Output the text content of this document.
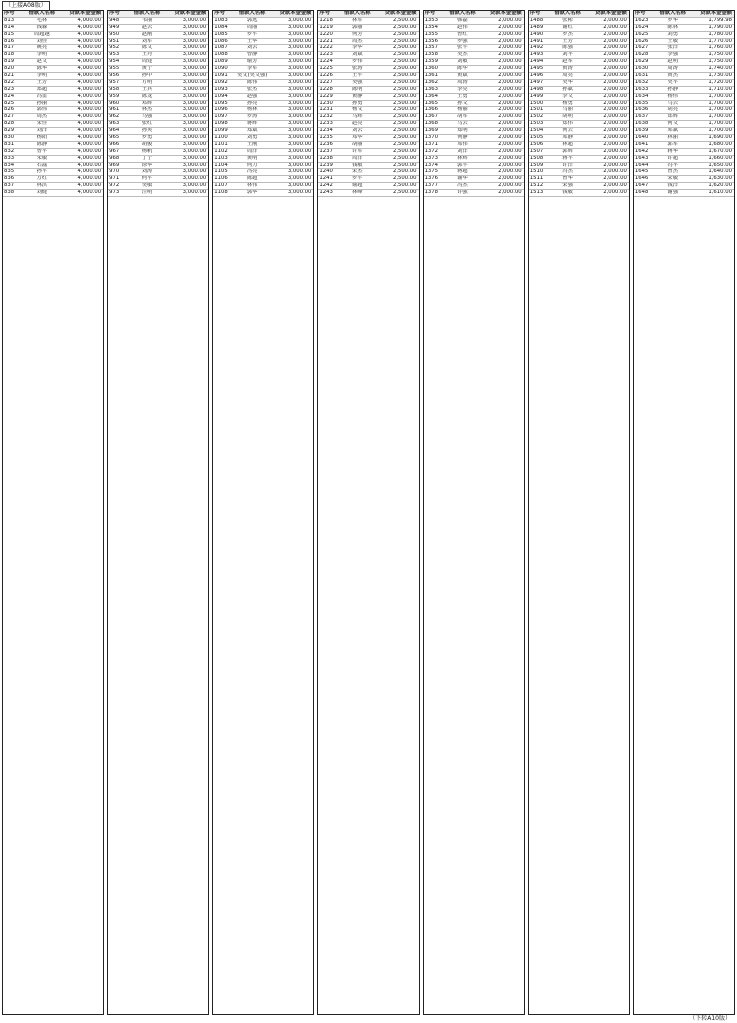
（上接A08版）
序号	借款人名称	贷款本金金额
813	毛林	4,000.00
814	钱森	4,000.00
815	周超越	4,000.00
816	刘佳	4,000.00
817	姚亮	4,000.00
818	李明	4,000.00
819	赵文	4,000.00
820	陈华	4,000.00
821	李明	4,000.00
822	王芳	4,000.00
823	郑超	4,000.00
824	冯雷	4,000.00
825	孙丽	4,000.00
826	郭伟	4,000.00
827	周杰	4,000.00
828	宋佳	4,000.00
829	刘洋	4,000.00
830	杨阳	4,000.00
831	陈静	4,000.00
832	曾平	4,000.00
833	朱敏	4,000.00
834	石磊	4,000.00
835	孙平	4,000.00
836	万红	4,000.00
837	林洪	4,000.00
838	刘健	4,000.00
序号	借款人名称	贷款本金金额
948	韦丽	3,000.00
949	赵云	3,000.00
950	赵刚	3,000.00
951	刘军	3,000.00
952	陈文	3,000.00
953	王丹	3,000.00
954	周建	3,000.00
955	黄宁	3,000.00
956	孙中	3,000.00
957	方明	3,000.00
958	王兵	3,000.00
959	陈龙	3,000.00
960	邓辉	3,000.00
961	林杰	3,000.00
962	马强	3,000.00
963	张红	3,000.00
964	孙英	3,000.00
965	罗勇	3,000.00
966	胡俊	3,000.00
967	杨帆	3,000.00
968	丁宁	3,000.00
969	徐华	3,000.00
970	刘涛	3,000.00
971	何平	3,000.00
972	吴敏	3,000.00
973	汪明	3,000.00
序号	借款人名称	贷款本金金额
1083	郭远	3,000.00
1084	周丽	3,000.00
1085	罗平	3,000.00
1086	王华	3,000.00
1087	刘云	3,000.00
1088	曾静	3,000.00
1089	谢芳	3,000.00
1090	李军	3,000.00
1091	吴文(吴文强)	3,000.00
1092	陈伟	3,000.00
1093	张杰	3,000.00
1094	赵强	3,000.00
1095	孙亮	3,000.00
1096	杨林	3,000.00
1097	罗涛	3,000.00
1098	蒋辉	3,000.00
1099	郑斌	3,000.00
1100	刘勇	3,000.00
1101	王刚	3,000.00
1102	周洋	3,000.00
1103	黄明	3,000.00
1104	何力	3,000.00
1105	冯亮	3,000.00
1106	陈超	3,000.00
1107	林伟	3,000.00
1108	郭华	3,000.00
序号	借款人名称	贷款本金金额
1218	林军	2,500.00
1219	郭丽	2,500.00
1220	何芳	2,500.00
1221	周杰	2,500.00
1222	李华	2,500.00
1223	刘斌	2,500.00
1224	罗伟	2,500.00
1225	张涛	2,500.00
1226	王平	2,500.00
1227	吴强	2,500.00
1228	陈明	2,500.00
1229	黄静	2,500.00
1230	孙勇	2,500.00
1231	杨文	2,500.00
1232	马辉	2,500.00
1233	赵亮	2,500.00
1234	刘云	2,500.00
1235	邓华	2,500.00
1236	胡丽	2,500.00
1237	许军	2,500.00
1238	周洋	2,500.00
1239	钱敏	2,500.00
1240	宋杰	2,500.00
1241	罗平	2,500.00
1242	谢超	2,500.00
1243	林峰	2,500.00
序号	借款人名称	贷款本金金额
1353	韩磊	2,000.00
1354	赵伟	2,000.00
1355	曾红	2,000.00
1356	罗强	2,000.00
1357	张平	2,000.00
1358	吴杰	2,000.00
1359	刘敏	2,000.00
1360	陈华	2,000.00
1361	黄斌	2,000.00
1362	周涛	2,000.00
1363	李亮	2,000.00
1364	王勇	2,000.00
1365	孙文	2,000.00
1366	杨丽	2,000.00
1367	胡军	2,000.00
1368	马云	2,000.00
1369	郑明	2,000.00
1370	何静	2,000.00
1371	邓伟	2,000.00
1372	刘洋	2,000.00
1373	林辉	2,000.00
1374	郭平	2,000.00
1375	蒋超	2,000.00
1376	谢华	2,000.00
1377	冯杰	2,000.00
1378	许强	2,000.00
序号	借款人名称	贷款本金金额
1488	张彬	2,000.00
1489	谢红	2,000.00
1490	罗杰	2,000.00
1491	王芳	2,000.00
1492	陈强	2,000.00
1493	刘平	2,000.00
1494	赵军	2,000.00
1495	黄涛	2,000.00
1496	周亮	2,000.00
1497	吴华	2,000.00
1498	孙斌	2,000.00
1499	李文	2,000.00
1500	杨勇	2,000.00
1501	马丽	2,000.00
1502	胡明	2,000.00
1503	郑伟	2,000.00
1504	何云	2,000.00
1505	邓静	2,000.00
1506	林超	2,000.00
1507	郭辉	2,000.00
1508	蒋平	2,000.00
1509	许洋	2,000.00
1510	冯杰	2,000.00
1511	曾华	2,000.00
1512	宋强	2,000.00
1513	钱敏	2,000.00
序号	借款人名称	贷款本金金额
1623	罗华	1,799.98
1624	陈林	1,790.00
1625	刘勇	1,780.00
1626	王敏	1,770.00
1627	张洋	1,760.00
1628	李强	1,750.00
1629	赵明	1,750.00
1630	周涛	1,740.00
1631	黄杰	1,730.00
1632	吴平	1,720.00
1633	孙静	1,710.00
1634	杨伟	1,700.00
1635	马云	1,700.00
1636	胡亮	1,700.00
1637	郑辉	1,700.00
1638	何文	1,700.00
1639	邓斌	1,700.00
1640	林丽	1,690.00
1641	郭军	1,680.00
1642	蒋华	1,670.00
1643	许超	1,660.00
1644	冯平	1,650.00
1645	曾杰	1,640.00
1646	宋敏	1,630.00
1647	钱洋	1,620.00
1648	谢强	1,610.00
（下转A10版）
